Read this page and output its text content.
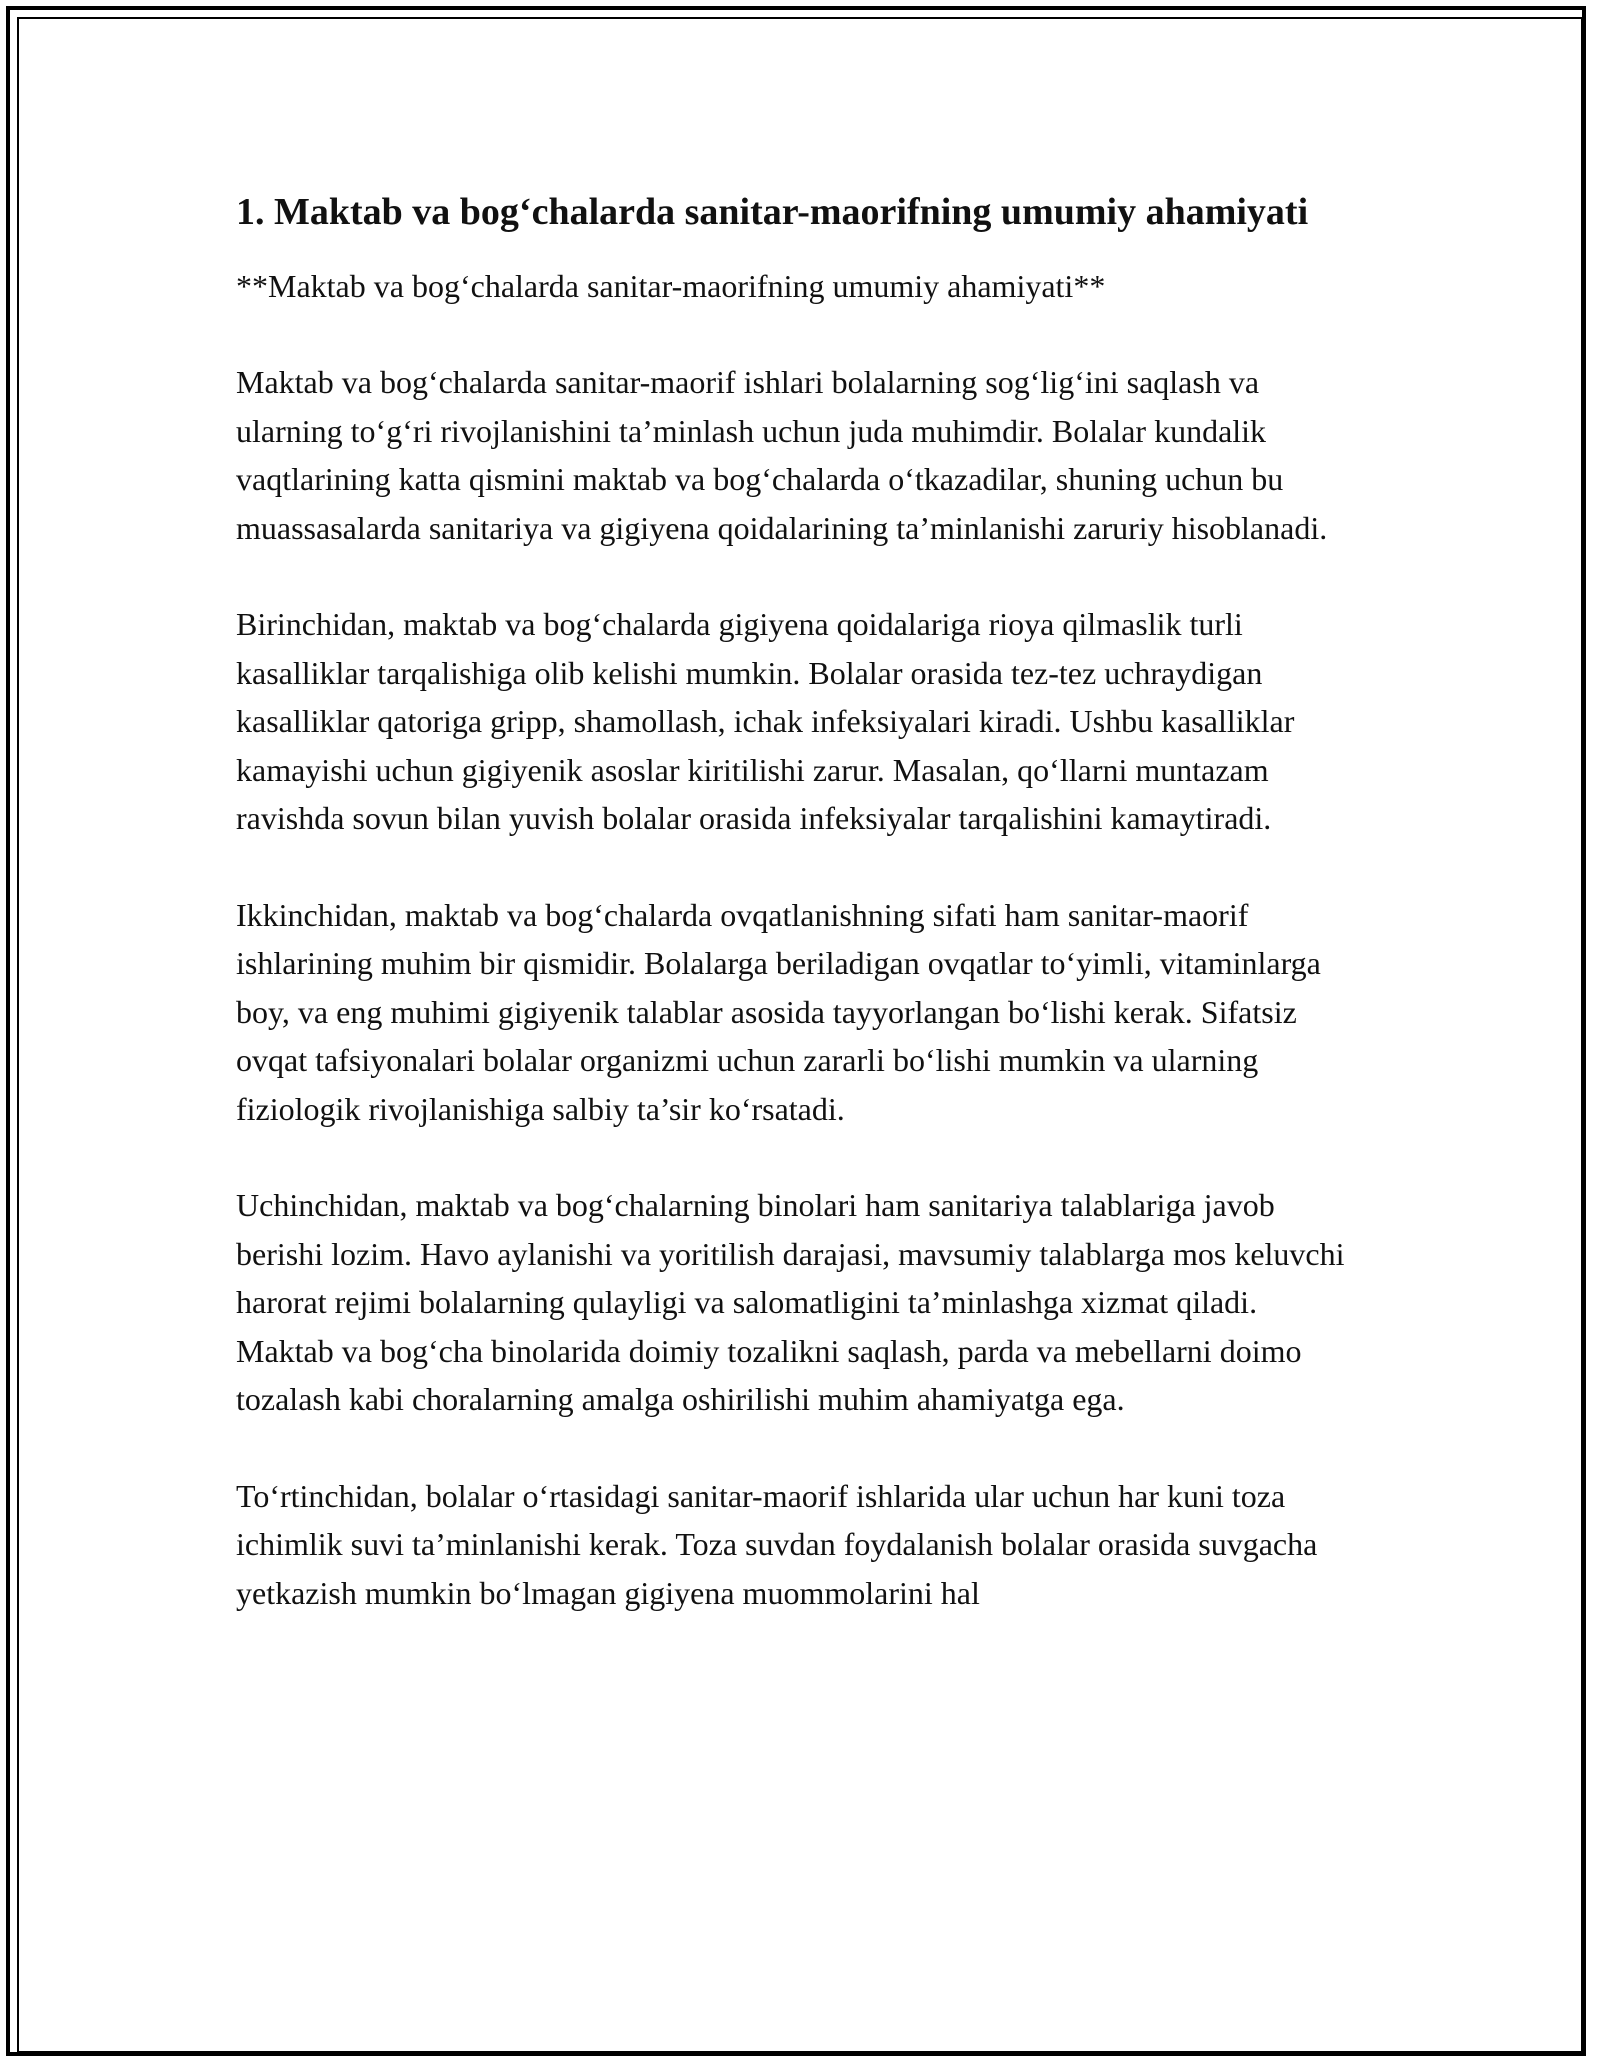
1. Maktab va bog‘chalarda sanitar-maorifning umumiy ahamiyati

**Maktab va bog‘chalarda sanitar-maorifning umumiy ahamiyati**

Maktab va bog‘chalarda sanitar-maorif ishlari bolalarning sog‘lig‘ini saqlash va ularning to‘g‘ri rivojlanishini ta’minlash uchun juda muhimdir. Bolalar kundalik vaqtlarining katta qismini maktab va bog‘chalarda o‘tkazadilar, shuning uchun bu muassasalarda sanitariya va gigiyena qoidalarining ta’minlanishi zaruriy hisoblanadi.

Birinchidan, maktab va bog‘chalarda gigiyena qoidalariga rioya qilmaslik turli kasalliklar tarqalishiga olib kelishi mumkin. Bolalar orasida tez-tez uchraydigan kasalliklar qatoriga gripp, shamollash, ichak infeksiyalari kiradi. Ushbu kasalliklar kamayishi uchun gigiyenik asoslar kiritilishi zarur. Masalan, qo‘llarni muntazam ravishda sovun bilan yuvish bolalar orasida infeksiyalar tarqalishini kamaytiradi.

Ikkinchidan, maktab va bog‘chalarda ovqatlanishning sifati ham sanitar-maorif ishlarining muhim bir qismidir. Bolalarga beriladigan ovqatlar to‘yimli, vitaminlarga boy, va eng muhimi gigiyenik talablar asosida tayyorlangan bo‘lishi kerak. Sifatsiz ovqat tafsiyonalari bolalar organizmi uchun zararli bo‘lishi mumkin va ularning fiziologik rivojlanishiga salbiy ta’sir ko‘rsatadi.

Uchinchidan, maktab va bog‘chalarning binolari ham sanitariya talablariga javob berishi lozim. Havo aylanishi va yoritilish darajasi, mavsumiy talablarga mos keluvchi harorat rejimi bolalarning qulayligi va salomatligini ta’minlashga xizmat qiladi. Maktab va bog‘cha binolarida doimiy tozalikni saqlash, parda va mebellarni doimo tozalash kabi choralarning amalga oshirilishi muhim ahamiyatga ega.

To‘rtinchidan, bolalar o‘rtasidagi sanitar-maorif ishlarida ular uchun har kuni toza ichimlik suvi ta’minlanishi kerak. Toza suvdan foydalanish bolalar orasida suvgacha yetkazish mumkin bo‘lmagan gigiyena muommolarini hal
